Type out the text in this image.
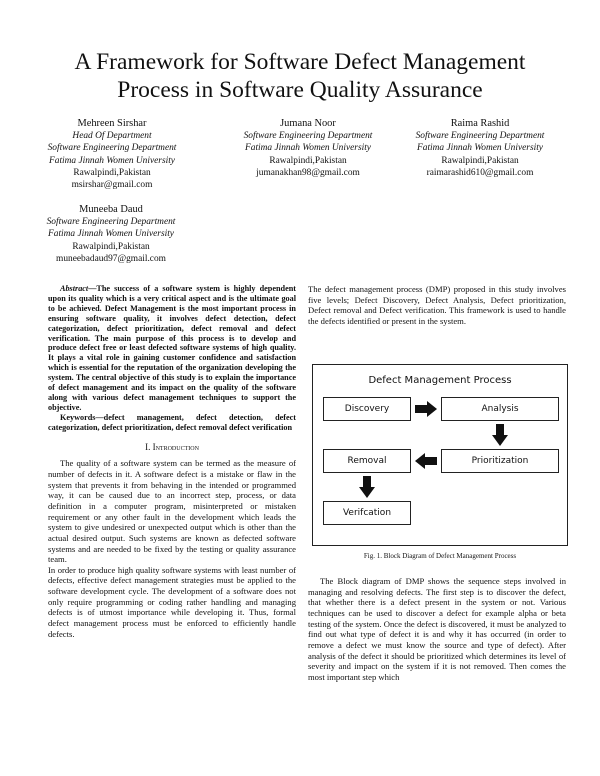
A Framework for Software Defect Management
Process in Software Quality Assurance
Mehreen Sirshar
Head Of Department
Software Engineering Department
Fatima Jinnah Women University
Rawalpindi,Pakistan
msirshar@gmail.com
Jumana Noor
Software Engineering Department
Fatima Jinnah Women University
Rawalpindi,Pakistan
jumanakhan98@gmail.com
Raima Rashid
Software Engineering Department
Fatima Jinnah Women University
Rawalpindi,Pakistan
raimarashid610@gmail.com
Muneeba Daud
Software Engineering Department
Fatima Jinnah Women University
Rawalpindi,Pakistan
muneebadaud97@gmail.com

Abstract—The success of a software system is highly dependent upon its quality which is a very critical aspect and is the ultimate goal to be achieved. Defect Management is the most important process in ensuring software quality, it involves defect detection, defect categorization, defect prioritization, defect removal and defect verification. The main purpose of this process is to develop and produce defect free or least defected software systems of high quality. It plays a vital role in gaining customer confidence and satisfaction which is essential for the reputation of the organization developing the system. The central objective of this study is to explain the importance of defect management and its impact on the quality of the software along with various defect management techniques to support the objective.

Keywords—defect management, defect detection, defect categorization, defect prioritization, defect removal defect verification

I. Introduction

The quality of a software system can be termed as the measure of number of defects in it. A software defect is a mistake or flaw in the system that prevents it from behaving in the intended or programmed way, it can be caused due to an incorrect step, process, or data definition in a computer program, misinterpreted or mistaken requirement or any other fault in the development which leads the system to give undesired or unexpected output which is other than the actual desired output. Such systems are known as defected software systems and are needed to be fixed by the testing or quality assurance team.

In order to produce high quality software systems with least number of defects, effective defect management strategies must be applied to the software development cycle. The development of a software does not only require programming or coding rather handling and managing defects is of utmost importance while developing it. Thus, formal defect management process must be enforced to efficiently handle defects.

The defect management process (DMP) proposed in this study involves five levels; Defect Discovery, Defect Analysis, Defect prioritization, Defect removal and Defect verification. This framework is used to handle the defects identified or present in the system.

Defect Management Process
Discovery	Analysis
Prioritization
Removal
Verifcation
Fig. 1. Block Diagram of Defect Management Process

The Block diagram of DMP shows the sequence steps involved in managing and resolving defects. The first step is to discover the defect, that whether there is a defect present in the system or not. Various techniques can be used to discover a defect for example alpha or beta testing of the system. Once the defect is discovered, it must be analyzed to find out what type of defect it is and why it has occurred (in order to remove a defect we must know the source and type of defect). After analysis of the defect it should be prioritized which determines its level of severity and impact on the system if it is not removed. Then comes the most important step which
